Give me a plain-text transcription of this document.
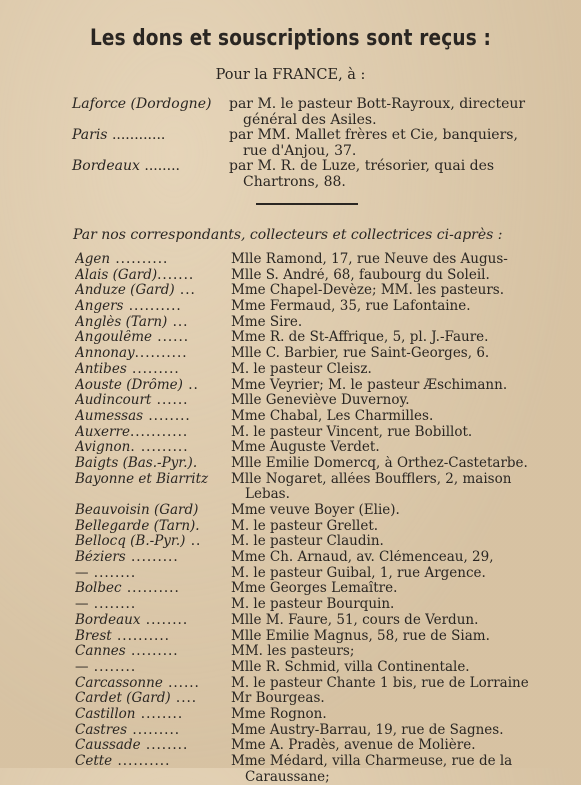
Les dons et souscriptions sont reçus :
Pour la FRANCE, à :
Laforce (Dordogne) par M. le pasteur Bott-Rayroux, directeur
général des Asiles.
Paris ............	par MM. Mallet frères et Cie, banquiers,
rue d'Anjou, 37.
Bordeaux ........	par M. R. de Luze, trésorier, quai des
Chartrons, 88.
Par nos correspondants, collecteurs et collectrices ci-après :
Agen ..........	Mlle Ramond, 17, rue Neuve des Augus-
Alais (Gard).......	Mlle S. André, 68, faubourg du Soleil.
Anduze (Gard) ...	Mme Chapel-Devèze; MM. les pasteurs.
Angers ..........	Mme Fermaud, 35, rue Lafontaine.
Anglès (Tarn) ...	Mme Sire.
Angoulême ......	Mme R. de St-Affrique, 5, pl. J.-Faure.
Annonay..........	Mlle C. Barbier, rue Saint-Georges, 6.
Antibes .........	M. le pasteur Cleisz.
Aouste (Drôme) ..	Mme Veyrier; M. le pasteur Æschimann.
Audincourt ......	Mlle Geneviève Duvernoy.
Aumessas ........	Mme Chabal, Les Charmilles.
Auxerre...........	M. le pasteur Vincent, rue Bobillot.
Avignon. .........	Mme Auguste Verdet.
Baigts (Bas.-Pyr.).	Mlle Emilie Domercq, à Orthez-Castetarbe.
Bayonne et Biarritz	Mlle Nogaret, allées Boufflers, 2, maison
Lebas.
Beauvoisin (Gard)	Mme veuve Boyer (Elie).
Bellegarde (Tarn).	M. le pasteur Grellet.
Bellocq (B.-Pyr.) ..	M. le pasteur Claudin.
Béziers .........	Mme Ch. Arnaud, av. Clémenceau, 29,
— ........	M. le pasteur Guibal, 1, rue Argence.
Bolbec ..........	Mme Georges Lemaître.
— ........	M. le pasteur Bourquin.
Bordeaux ........	Mlle M. Faure, 51, cours de Verdun.
Brest ..........	Mlle Emilie Magnus, 58, rue de Siam.
Cannes .........	MM. les pasteurs;
— ........	Mlle R. Schmid, villa Continentale.
Carcassonne ......	M. le pasteur Chante 1 bis, rue de Lorraine
Cardet (Gard) ....	Mr Bourgeas.
Castillon ........	Mme Rognon.
Castres .........	Mme Austry-Barrau, 19, rue de Sagnes.
Caussade ........	Mme A. Pradès, avenue de Molière.
Cette ..........	Mme Médard, villa Charmeuse, rue de la
Caraussane;
